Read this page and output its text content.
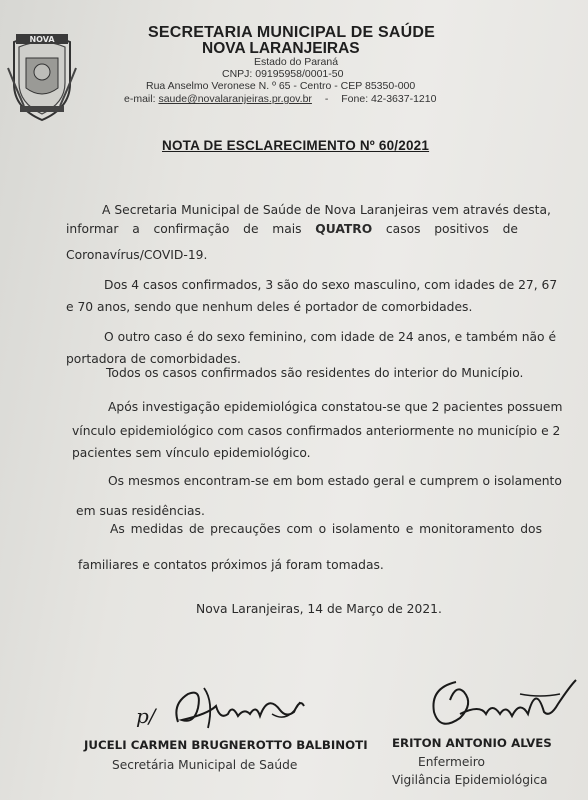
NOVA	SECRETARIA MUNICIPAL DE SAÚDE
NOVA LARANJEIRAS
Estado do Paraná
CNPJ: 09195958/0001-50
Rua Anselmo Veronese N. º 65 - Centro - CEP 85350-000
e-mail: saude@novalaranjeiras.pr.gov.br - Fone: 42-3637-1210
NOTA DE ESCLARECIMENTO Nº 60/2021
A Secretaria Municipal de Saúde de Nova Laranjeiras vem através desta,
informar a confirmação de mais QUATRO casos positivos de
Coronavírus/COVID-19.
Dos 4 casos confirmados, 3 são do sexo masculino, com idades de 27, 67
e 70 anos, sendo que nenhum deles é portador de comorbidades.
O outro caso é do sexo feminino, com idade de 24 anos, e também não é
portadora de comorbidades.
Todos os casos confirmados são residentes do interior do Município.
Após investigação epidemiológica constatou-se que 2 pacientes possuem
vínculo epidemiológico com casos confirmados anteriormente no município e 2
pacientes sem vínculo epidemiológico.
Os mesmos encontram-se em bom estado geral e cumprem o isolamento
em suas residências.
As medidas de precauções com o isolamento e monitoramento dos
familiares e contatos próximos já foram tomadas.
Nova Laranjeiras, 14 de Março de 2021.
p/
JUCELI CARMEN BRUGNEROTTO BALBINOTI
Secretária Municipal de Saúde
ERITON ANTONIO ALVES
Enfermeiro
Vigilância Epidemiológica
